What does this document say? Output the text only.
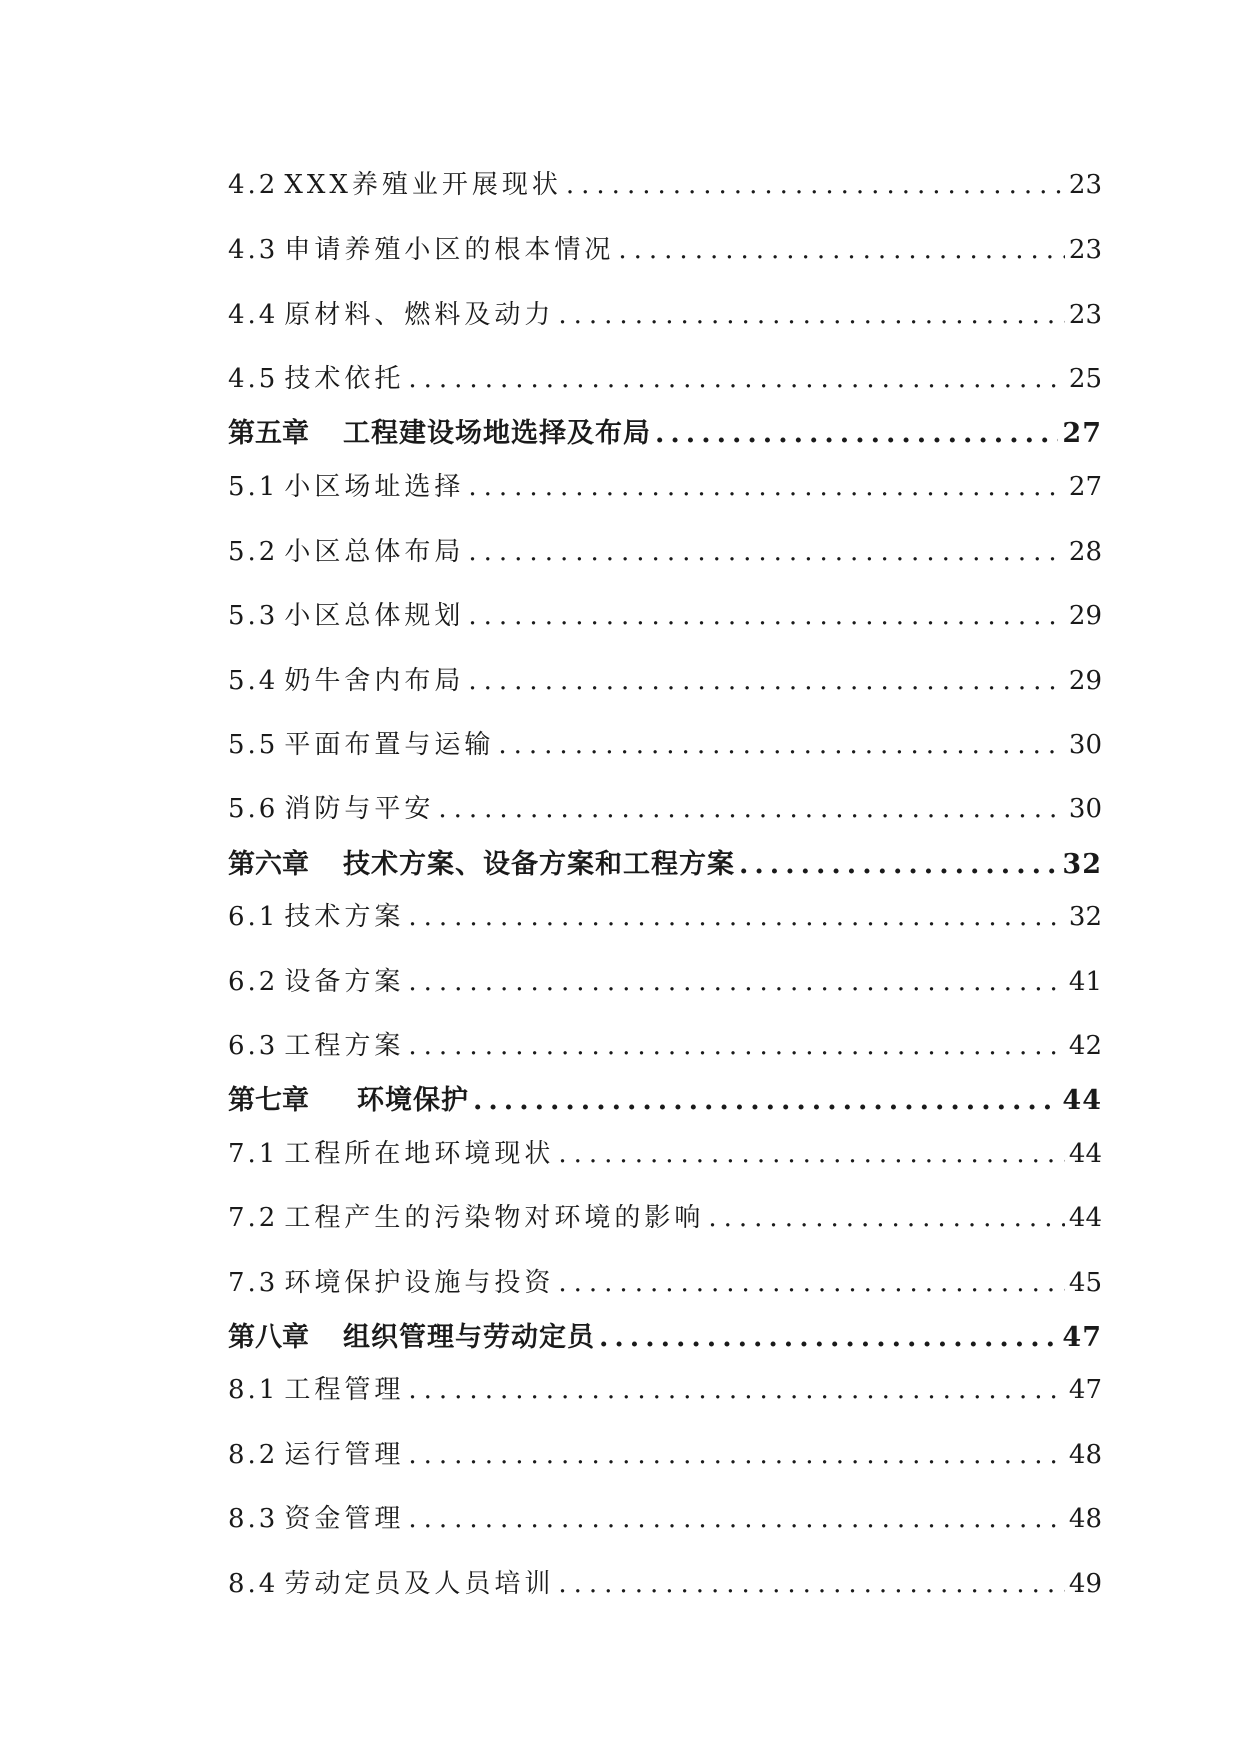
4.2 XXX养殖业开展现状 .....	23
4.3 申请养殖小区的根本情况 .....	23
4.4 原材料、燃料及动力 .....	23
4.5 技术依托 .....	25
第五章 工程建设场地选择及布局 .....	27
5.1 小区场址选择 .....	27
5.2 小区总体布局 .....	28
5.3 小区总体规划 .....	29
5.4 奶牛舍内布局 .....	29
5.5 平面布置与运输 .....	30
5.6 消防与平安 .....	30
第六章 技术方案、设备方案和工程方案 .....	32
6.1 技术方案 .....	32
6.2 设备方案 .....	41
6.3 工程方案 .....	42
第七章 环境保护 .....	44
7.1 工程所在地环境现状 .....	44
7.2 工程产生的污染物对环境的影响 .....	44
7.3 环境保护设施与投资 .....	45
第八章 组织管理与劳动定员 .....	47
8.1 工程管理 .....	47
8.2 运行管理 .....	48
8.3 资金管理 .....	48
8.4 劳动定员及人员培训 .....	49
